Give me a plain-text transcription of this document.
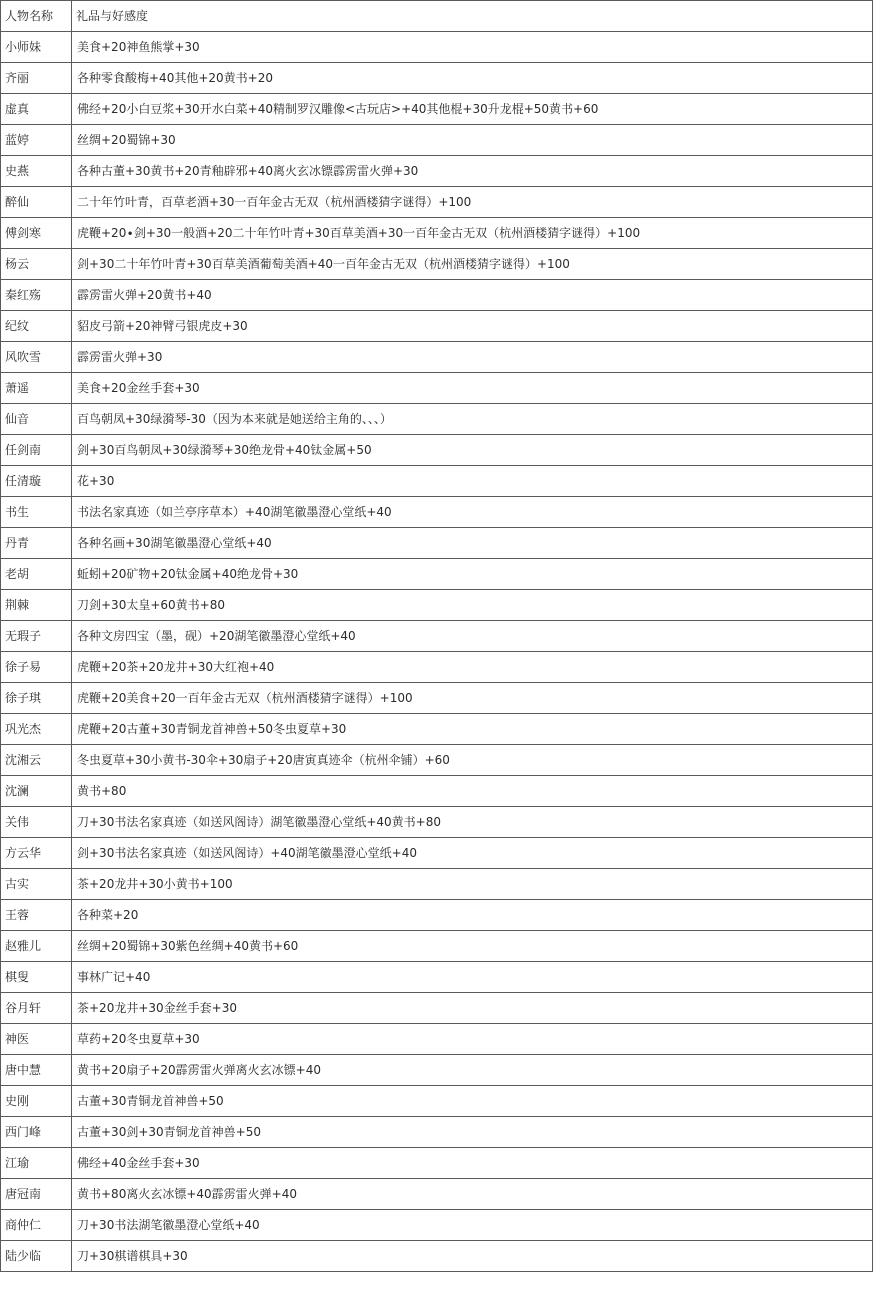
人物名称	礼品与好感度
小师妹	美食+20神鱼熊掌+30
齐丽	各种零食酸梅+40其他+20黄书+20
虚真	佛经+20小白豆浆+30开水白菜+40精制罗汉雕像<古玩店>+40其他棍+30升龙棍+50黄书+60
蓝婷	丝绸+20蜀锦+30
史燕	各种古董+30黄书+20青釉辟邪+40离火玄冰镖霹雳雷火弹+30
醉仙	二十年竹叶青，百草老酒+30一百年金古无双（杭州酒楼猜字谜得）+100
傅剑寒	虎鞭+20∙剑+30一般酒+20二十年竹叶青+30百草美酒+30一百年金古无双（杭州酒楼猜字谜得）+100
杨云	剑+30二十年竹叶青+30百草美酒葡萄美酒+40一百年金古无双（杭州酒楼猜字谜得）+100
秦红殇	霹雳雷火弹+20黄书+40
纪纹	貂皮弓箭+20神臂弓银虎皮+30
风吹雪	霹雳雷火弹+30
萧遥	美食+20金丝手套+30
仙音	百鸟朝凤+30绿漪琴-30（因为本来就是她送给主角的、、、）
任剑南	剑+30百鸟朝凤+30绿漪琴+30绝龙骨+40钛金属+50
任清璇	花+30
书生	书法名家真迹（如兰亭序草本）+40湖笔徽墨澄心堂纸+40
丹青	各种名画+30湖笔徽墨澄心堂纸+40
老胡	蚯蚓+20矿物+20钛金属+40绝龙骨+30
荆棘	刀剑+30太皇+60黄书+80
无瑕子	各种文房四宝（墨，砚）+20湖笔徽墨澄心堂纸+40
徐子易	虎鞭+20茶+20龙井+30大红袍+40
徐子琪	虎鞭+20美食+20一百年金古无双（杭州酒楼猜字谜得）+100
巩光杰	虎鞭+20古董+30青铜龙首神兽+50冬虫夏草+30
沈湘云	冬虫夏草+30小黄书-30伞+30扇子+20唐寅真迹伞（杭州伞铺）+60
沈澜	黄书+80
关伟	刀+30书法名家真迹（如送风阁诗）湖笔徽墨澄心堂纸+40黄书+80
方云华	剑+30书法名家真迹（如送风阁诗）+40湖笔徽墨澄心堂纸+40
古实	茶+20龙井+30小黄书+100
王蓉	各种菜+20
赵雅儿	丝绸+20蜀锦+30紫色丝绸+40黄书+60
棋叟	事林广记+40
谷月轩	茶+20龙井+30金丝手套+30
神医	草药+20冬虫夏草+30
唐中慧	黄书+20扇子+20霹雳雷火弹离火玄冰镖+40
史刚	古董+30青铜龙首神兽+50
西门峰	古董+30剑+30青铜龙首神兽+50
江瑜	佛经+40金丝手套+30
唐冠南	黄书+80离火玄冰镖+40霹雳雷火弹+40
商仲仁	刀+30书法湖笔徽墨澄心堂纸+40
陆少临	刀+30棋谱棋具+30
